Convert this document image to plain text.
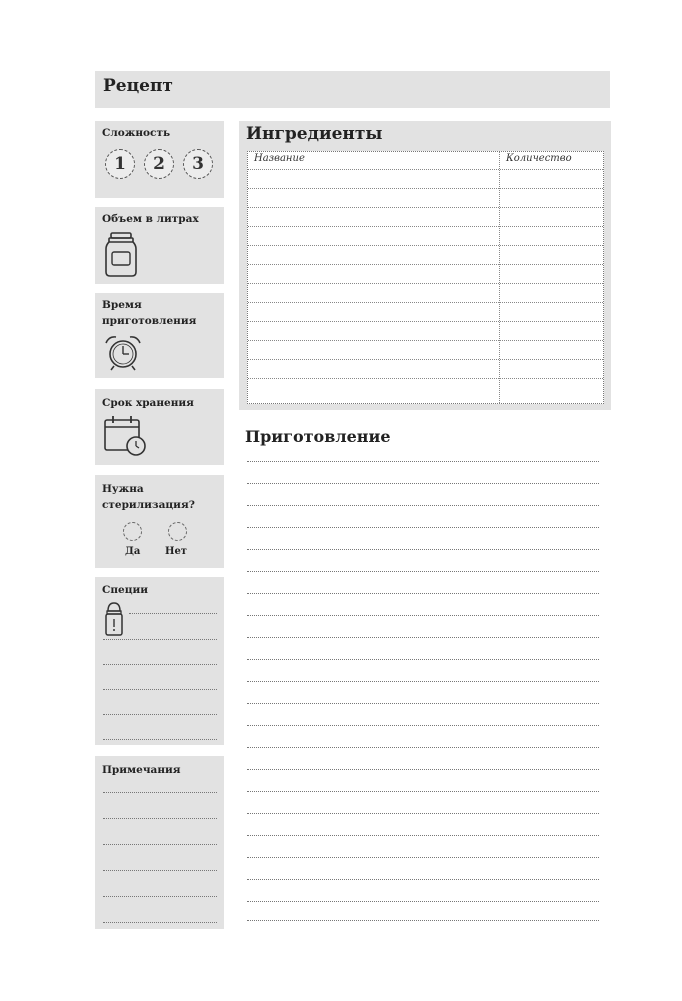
Рецепт
Сложность
1	2	3
Объем в литрах
Время приготовления
Срок хранения
Нужна стерилизация?
Да Нет
Специи
Примечания
Ингредиенты
Название	Количество
Приготовление
